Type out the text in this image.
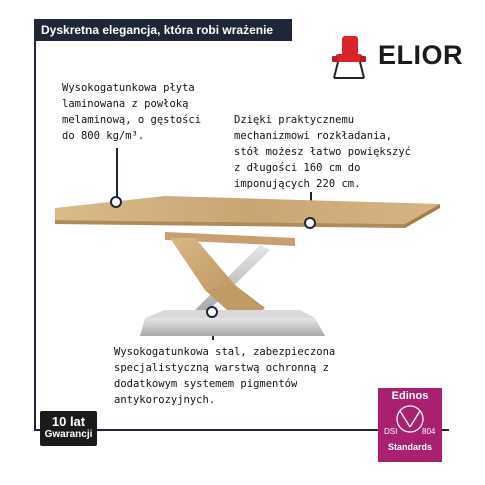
Dyskretna elegancja, która robi wrażenie
ELIOR
Wysokogatunkowa płyta
laminowana z powłoką
melaminową, o gęstości
do 800 kg/m³.
Dzięki praktycznemu
mechanizmowi rozkładania,
stół możesz łatwo powiększyć
z długości 160 cm do
imponujących 220 cm.
Wysokogatunkowa stal, zabezpieczona
specjalistyczną warstwą ochronną z
dodatkowym systemem pigmentów
antykorozyjnych.
10 lat
Gwarancji
Edinos
DSI	804
Standards
